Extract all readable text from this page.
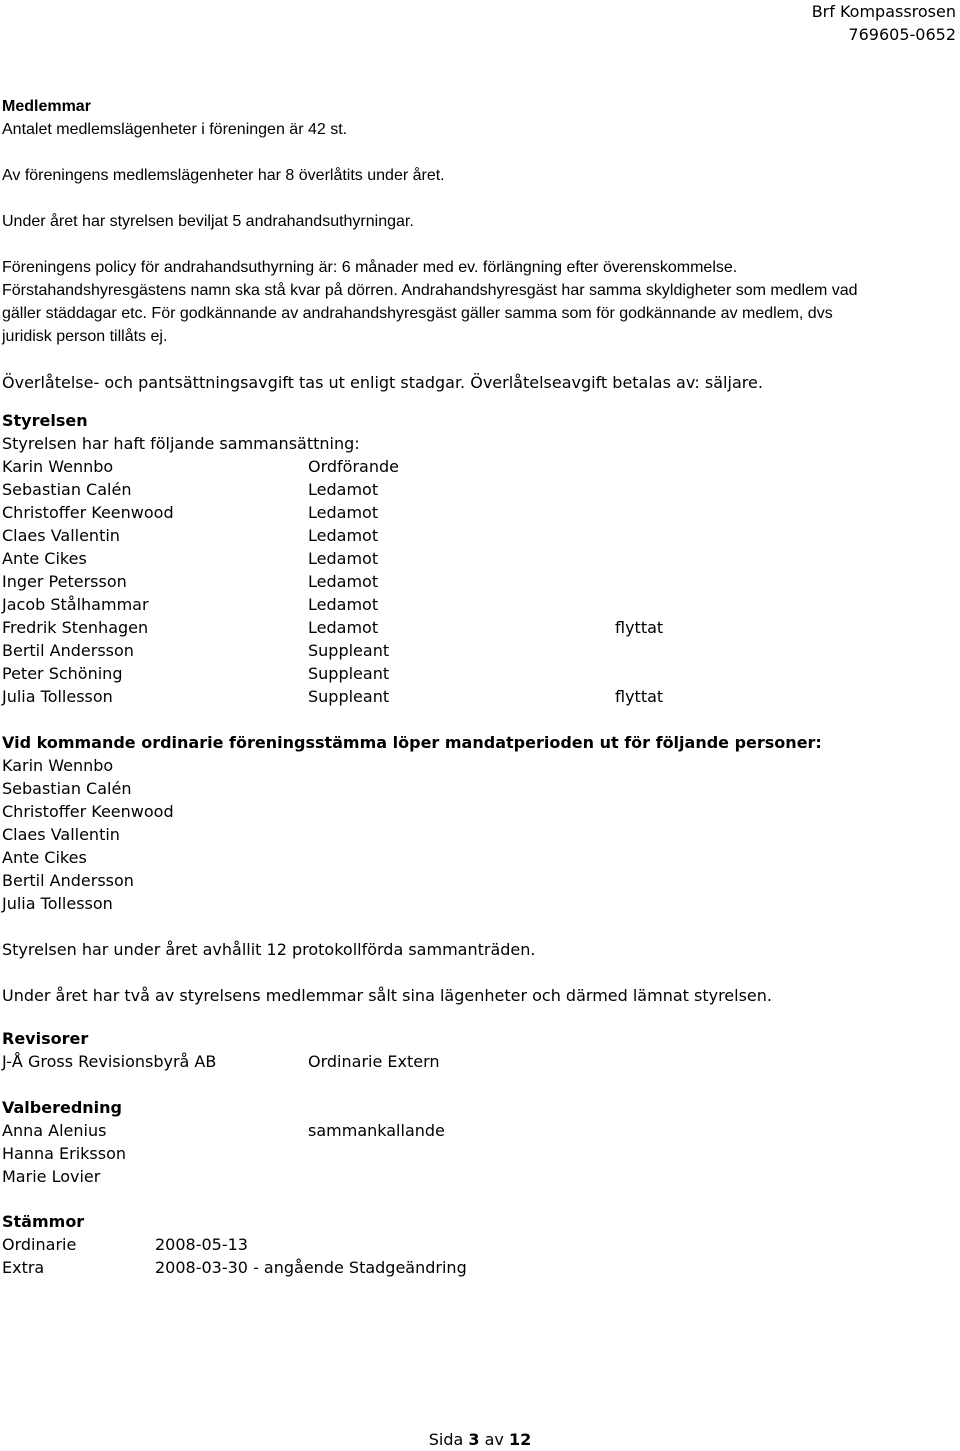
Brf Kompassrosen
769605-0652
Medlemmar
Antalet medlemslägenheter i föreningen är 42 st.
Av föreningens medlemslägenheter har 8 överlåtits under året.
Under året har styrelsen beviljat 5 andrahandsuthyrningar.
Föreningens policy för andrahandsuthyrning är: 6 månader med ev. förlängning efter överenskommelse.
Förstahandshyresgästens namn ska stå kvar på dörren. Andrahandshyresgäst har samma skyldigheter som medlem vad
gäller städdagar etc. För godkännande av andrahandshyresgäst gäller samma som för godkännande av medlem, dvs
juridisk person tillåts ej.
Överlåtelse- och pantsättningsavgift tas ut enligt stadgar. Överlåtelseavgift betalas av: säljare.
Styrelsen
Styrelsen har haft följande sammansättning:
Karin Wennbo	Ordförande
Sebastian Calén	Ledamot
Christoffer Keenwood	Ledamot
Claes Vallentin	Ledamot
Ante Cikes	Ledamot
Inger Petersson	Ledamot
Jacob Stålhammar	Ledamot
Fredrik Stenhagen	Ledamot	flyttat
Bertil Andersson	Suppleant
Peter Schöning	Suppleant
Julia Tollesson	Suppleant	flyttat
Vid kommande ordinarie föreningsstämma löper mandatperioden ut för följande personer:
Karin Wennbo
Sebastian Calén
Christoffer Keenwood
Claes Vallentin
Ante Cikes
Bertil Andersson
Julia Tollesson
Styrelsen har under året avhållit 12 protokollförda sammanträden.
Under året har två av styrelsens medlemmar sålt sina lägenheter och därmed lämnat styrelsen.
Revisorer
J-Å Gross Revisionsbyrå AB	Ordinarie Extern
Valberedning
Anna Alenius	sammankallande
Hanna Eriksson
Marie Lovier
Stämmor
Ordinarie	2008-05-13
Extra	2008-03-30 - angående Stadgeändring
Sida 3 av 12
